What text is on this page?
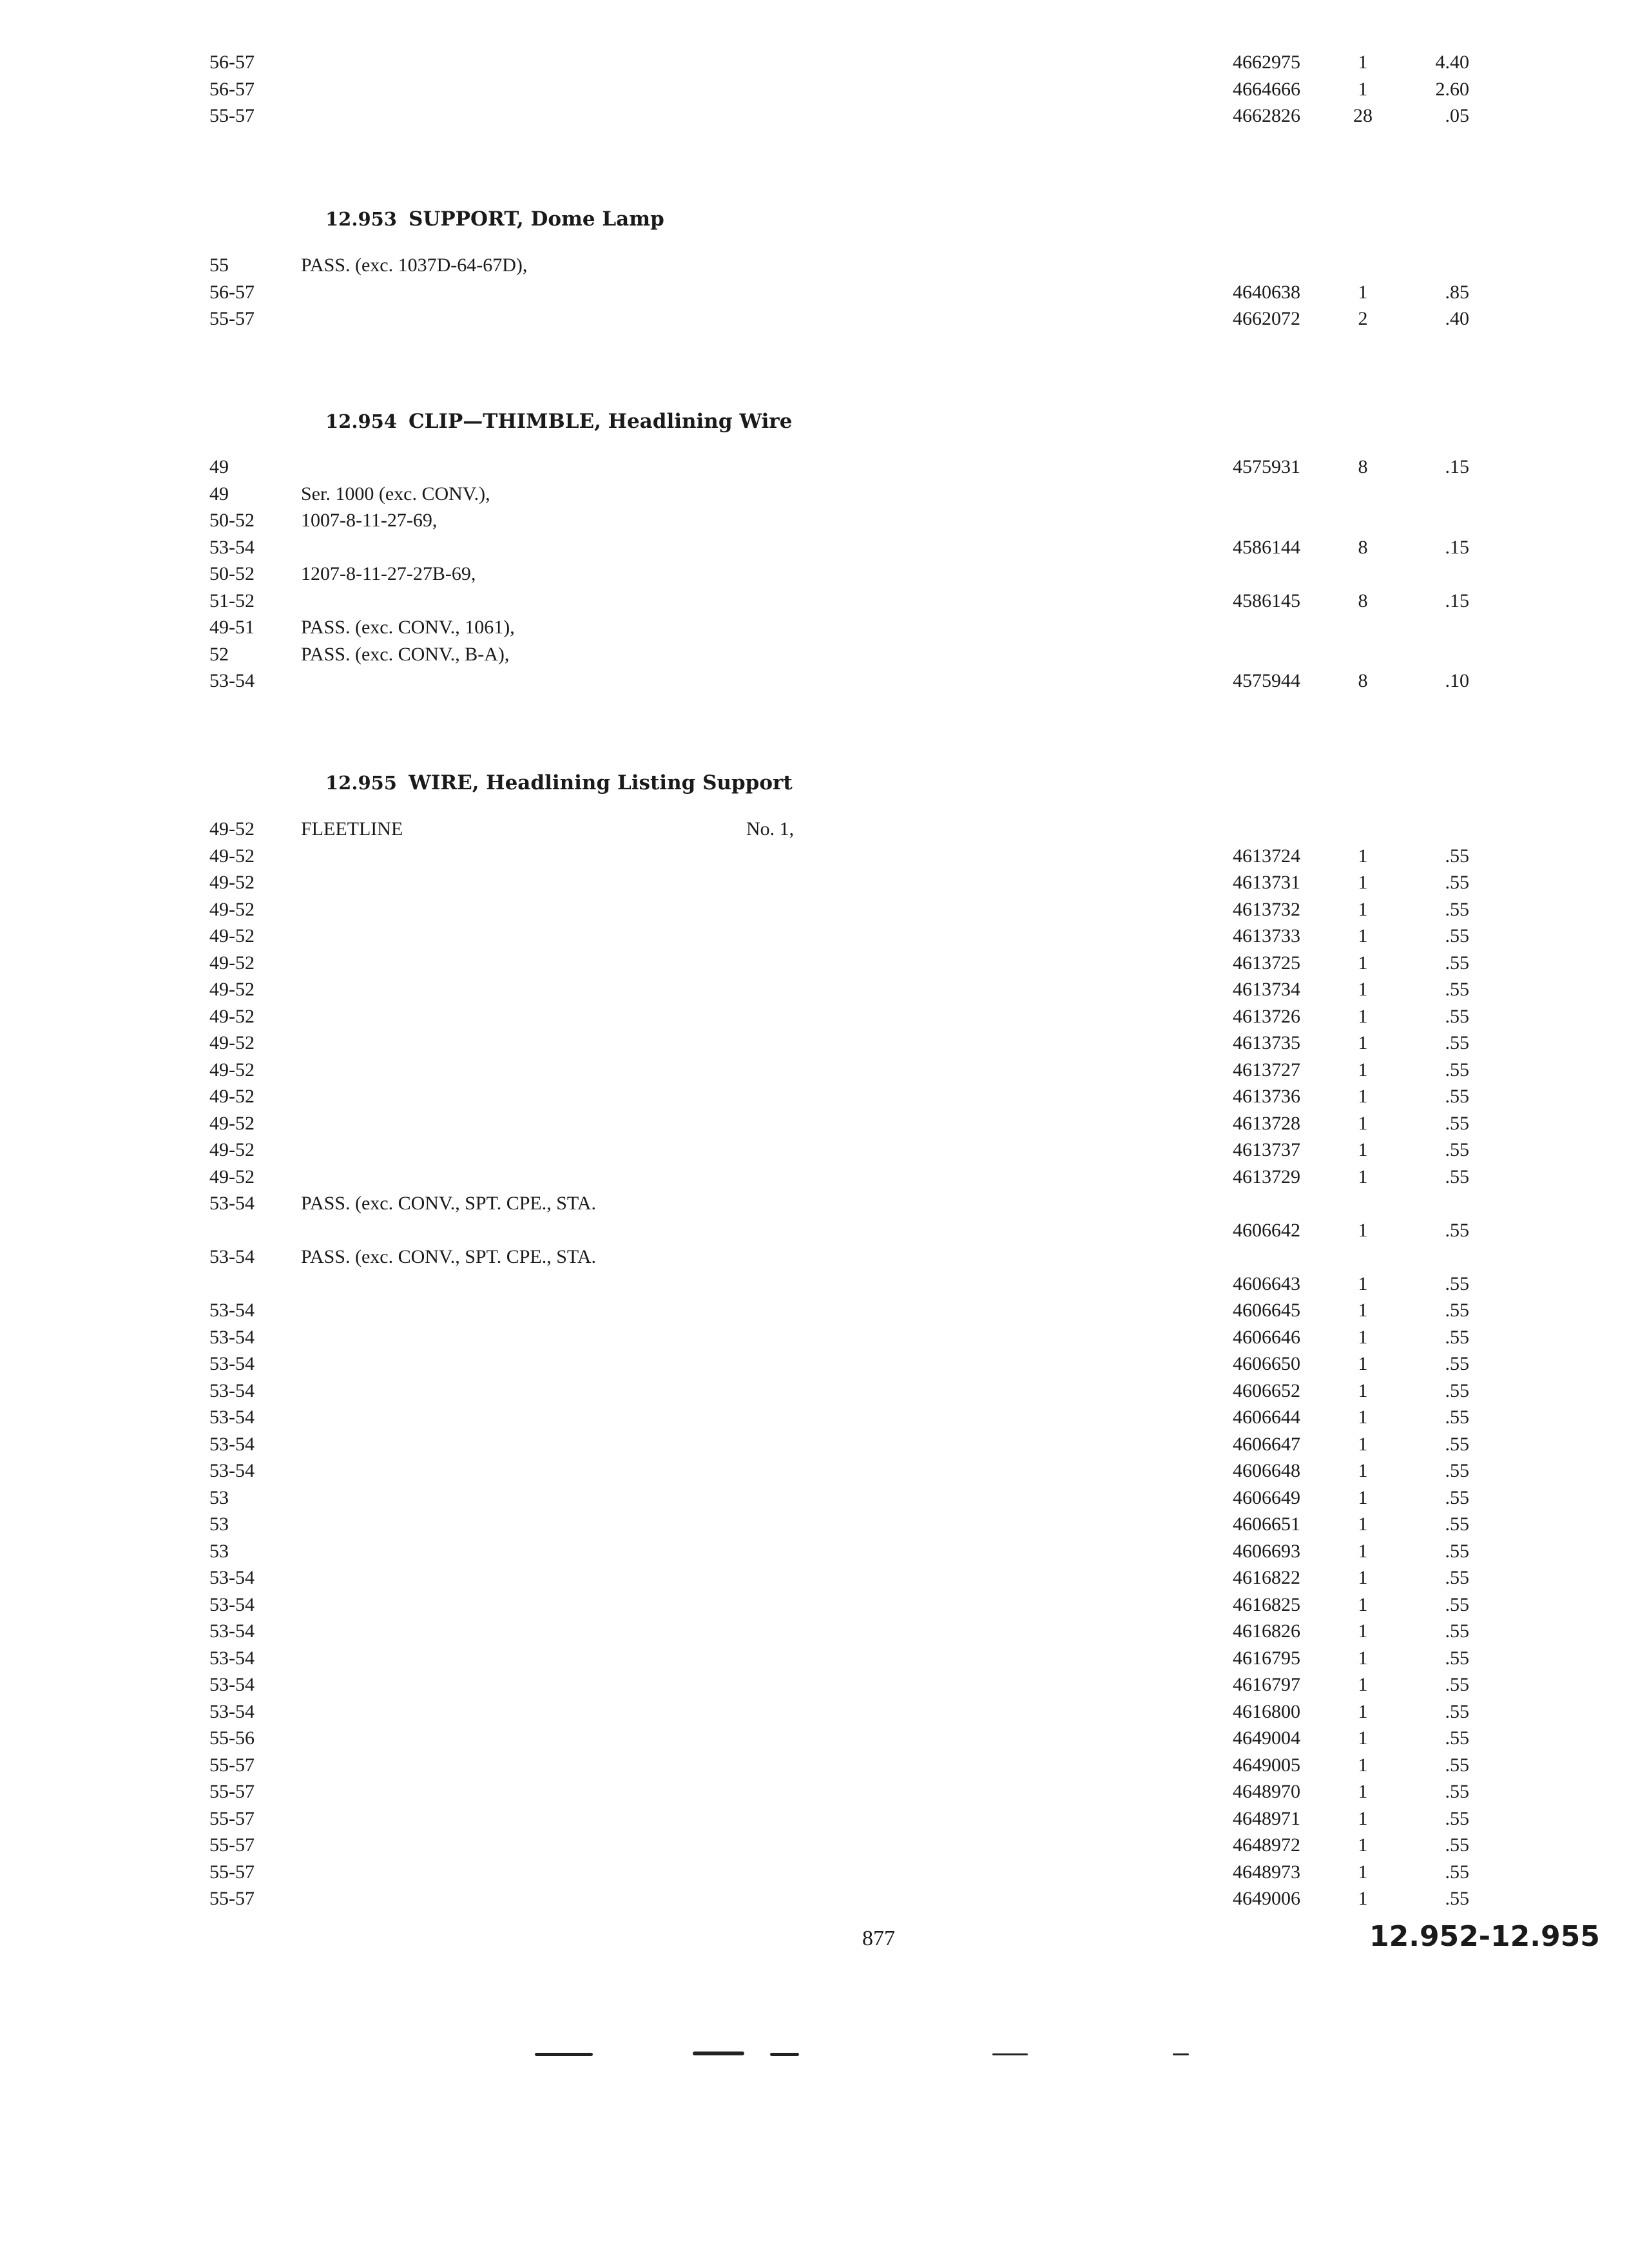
56-57	4662975	1	4.40
56-57	4664666	1	2.60
55-57	4662826	28	.05
12.953 SUPPORT, Dome Lamp
55	PASS. (exc. 1037D-64-67D),
56-57	4640638	1	.85
55-57	4662072	2	.40
12.954 CLIP—THIMBLE, Headlining Wire
49	4575931	8	.15
49	Ser. 1000 (exc. CONV.),
50-52	1007-8-11-27-69,
53-54	4586144	8	.15
50-52	1207-8-11-27-27B-69,
51-52	4586145	8	.15
49-51	PASS. (exc. CONV., 1061),
52	PASS. (exc. CONV., B-A),
53-54	4575944	8	.10
12.955 WIRE, Headlining Listing Support
49-52	FLEETLINE	No. 1,
49-52	4613724	1	.55
49-52	4613731	1	.55
49-52	4613732	1	.55
49-52	4613733	1	.55
49-52	4613725	1	.55
49-52	4613734	1	.55
49-52	4613726	1	.55
49-52	4613735	1	.55
49-52	4613727	1	.55
49-52	4613736	1	.55
49-52	4613728	1	.55
49-52	4613737	1	.55
49-52	4613729	1	.55
53-54	PASS. (exc. CONV., SPT. CPE., STA.
4606642	1	.55
53-54	PASS. (exc. CONV., SPT. CPE., STA.
4606643	1	.55
53-54	4606645	1	.55
53-54	4606646	1	.55
53-54	4606650	1	.55
53-54	4606652	1	.55
53-54	4606644	1	.55
53-54	4606647	1	.55
53-54	4606648	1	.55
53	4606649	1	.55
53	4606651	1	.55
53	4606693	1	.55
53-54	4616822	1	.55
53-54	4616825	1	.55
53-54	4616826	1	.55
53-54	4616795	1	.55
53-54	4616797	1	.55
53-54	4616800	1	.55
55-56	4649004	1	.55
55-57	4649005	1	.55
55-57	4648970	1	.55
55-57	4648971	1	.55
55-57	4648972	1	.55
55-57	4648973	1	.55
55-57	4649006	1	.55
877	12.952-12.955
